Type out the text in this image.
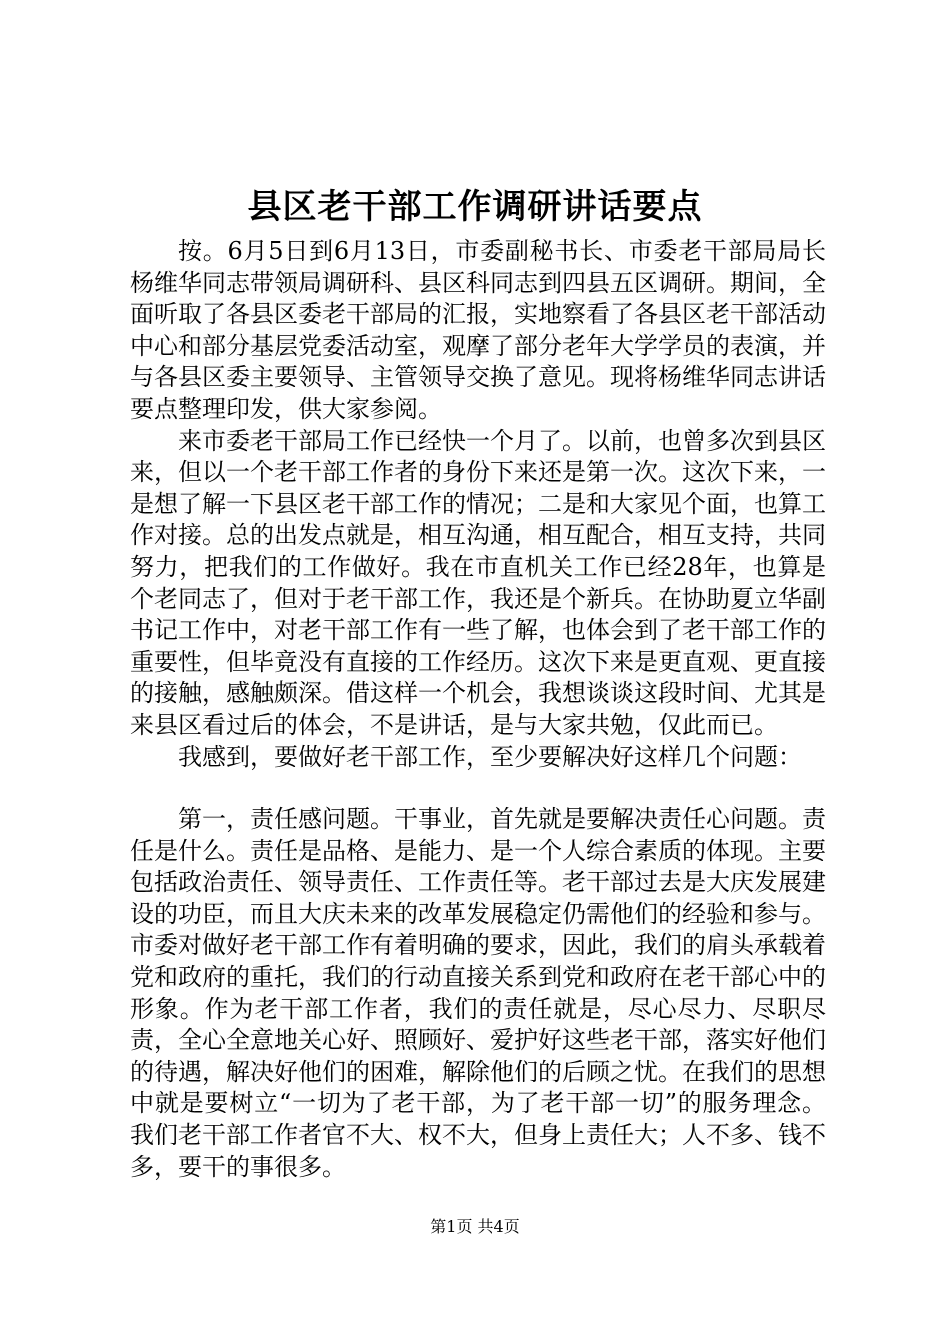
县区老干部工作调研讲话要点

按。6月5日到6月13日，市委副秘书长、市委老干部局局长杨维华同志带领局调研科、县区科同志到四县五区调研。期间，全面听取了各县区委老干部局的汇报，实地察看了各县区老干部活动中心和部分基层党委活动室，观摩了部分老年大学学员的表演，并与各县区委主要领导、主管领导交换了意见。现将杨维华同志讲话要点整理印发，供大家参阅。

来市委老干部局工作已经快一个月了。以前，也曾多次到县区来，但以一个老干部工作者的身份下来还是第一次。这次下来，一是想了解一下县区老干部工作的情况；二是和大家见个面，也算工作对接。总的出发点就是，相互沟通，相互配合，相互支持，共同努力，把我们的工作做好。我在市直机关工作已经28年，也算是个老同志了，但对于老干部工作，我还是个新兵。在协助夏立华副书记工作中，对老干部工作有一些了解，也体会到了老干部工作的重要性，但毕竟没有直接的工作经历。这次下来是更直观、更直接的接触，感触颇深。借这样一个机会，我想谈谈这段时间、尤其是来县区看过后的体会，不是讲话，是与大家共勉，仅此而已。

我感到，要做好老干部工作，至少要解决好这样几个问题：

第一，责任感问题。干事业，首先就是要解决责任心问题。责任是什么。责任是品格、是能力、是一个人综合素质的体现。主要包括政治责任、领导责任、工作责任等。老干部过去是大庆发展建设的功臣，而且大庆未来的改革发展稳定仍需他们的经验和参与。市委对做好老干部工作有着明确的要求，因此，我们的肩头承载着党和政府的重托，我们的行动直接关系到党和政府在老干部心中的形象。作为老干部工作者，我们的责任就是，尽心尽力、尽职尽责，全心全意地关心好、照顾好、爱护好这些老干部，落实好他们的待遇，解决好他们的困难，解除他们的后顾之忧。在我们的思想中就是要树立“一切为了老干部，为了老干部一切”的服务理念。我们老干部工作者官不大、权不大，但身上责任大；人不多、钱不多，要干的事很多。

第1页 共4页
